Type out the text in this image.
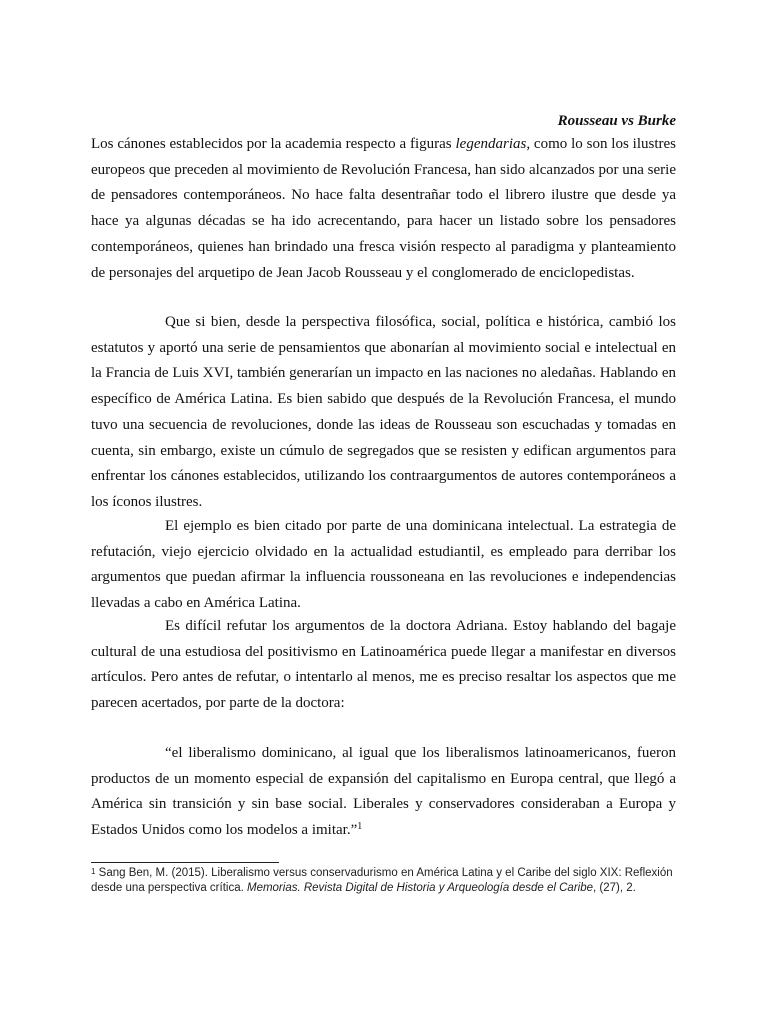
Rousseau vs Burke
Los cánones establecidos por la academia respecto a figuras legendarias, como lo son los ilustres europeos que preceden al movimiento de Revolución Francesa, han sido alcanzados por una serie de pensadores contemporáneos. No hace falta desentrañar todo el librero ilustre que desde ya hace ya algunas décadas se ha ido acrecentando, para hacer un listado sobre los pensadores contemporáneos, quienes han brindado una fresca visión respecto al paradigma y planteamiento de personajes del arquetipo de Jean Jacob Rousseau y el conglomerado de enciclopedistas.
Que si bien, desde la perspectiva filosófica, social, política e histórica, cambió los estatutos y aportó una serie de pensamientos que abonarían al movimiento social e intelectual en la Francia de Luis XVI, también generarían un impacto en las naciones no aledañas. Hablando en específico de América Latina. Es bien sabido que después de la Revolución Francesa, el mundo tuvo una secuencia de revoluciones, donde las ideas de Rousseau son escuchadas y tomadas en cuenta, sin embargo, existe un cúmulo de segregados que se resisten y edifican argumentos para enfrentar los cánones establecidos, utilizando los contraargumentos de autores contemporáneos a los íconos ilustres.
El ejemplo es bien citado por parte de una dominicana intelectual. La estrategia de refutación, viejo ejercicio olvidado en la actualidad estudiantil, es empleado para derribar los argumentos que puedan afirmar la influencia roussoneana en las revoluciones e independencias llevadas a cabo en América Latina.
Es difícil refutar los argumentos de la doctora Adriana. Estoy hablando del bagaje cultural de una estudiosa del positivismo en Latinoamérica puede llegar a manifestar en diversos artículos. Pero antes de refutar, o intentarlo al menos, me es preciso resaltar los aspectos que me parecen acertados, por parte de la doctora:
“el liberalismo dominicano, al igual que los liberalismos latinoamericanos, fueron productos de un momento especial de expansión del capitalismo en Europa central, que llegó a América sin transición y sin base social. Liberales y conservadores consideraban a Europa y Estados Unidos como los modelos a imitar.”$^1$
$^1$ Sang Ben, M. (2015). Liberalismo versus conservadurismo en América Latina y el Caribe del siglo XIX: Reflexión desde una perspectiva crítica. Memorias. Revista Digital de Historia y Arqueología desde el Caribe, (27), 2.
